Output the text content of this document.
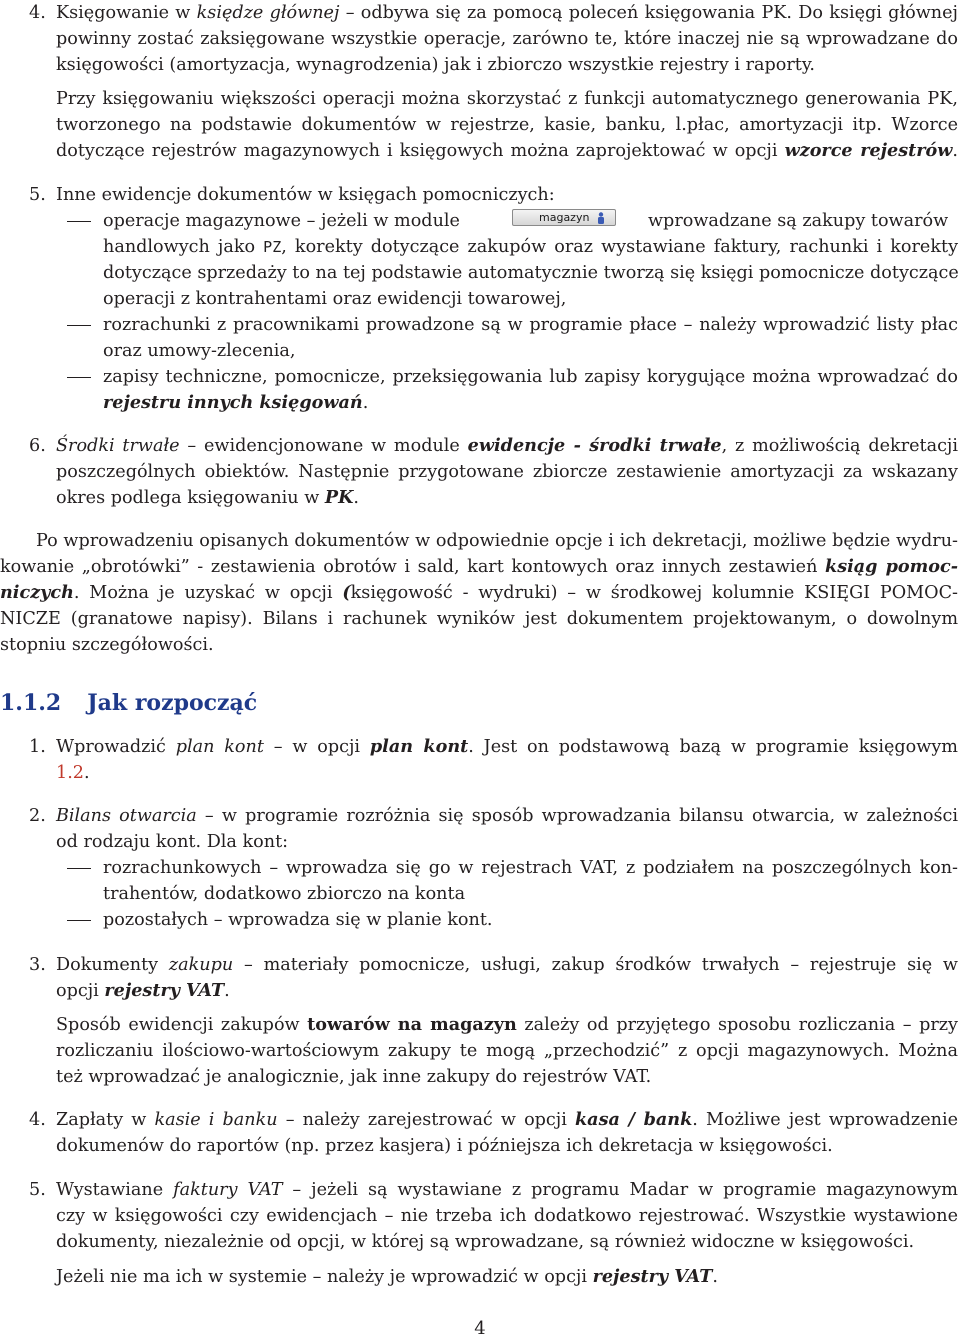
4. Księgowanie w księdze głównej – odbywa się za pomocą poleceń księgowania PK. Do księgi głównej
powinny zostać zaksięgowane wszystkie operacje, zarówno te, które inaczej nie są wprowadzane do
księgowości (amortyzacja, wynagrodzenia) jak i zbiorczo wszystkie rejestry i raporty.
Przy księgowaniu większości operacji można skorzystać z funkcji automatycznego generowania PK,
tworzonego na podstawie dokumentów w rejestrze, kasie, banku, l.płac, amortyzacji itp. Wzorce
dotyczące rejestrów magazynowych i księgowych można zaprojektować w opcji wzorce rejestrów.
5. Inne ewidencje dokumentów w księgach pomocniczych:
operacje magazynowe – jeżeli w module	wprowadzane są zakupy towarów
magazyn
handlowych jako PZ, korekty dotyczące zakupów oraz wystawiane faktury, rachunki i korekty
dotyczące sprzedaży to na tej podstawie automatycznie tworzą się księgi pomocnicze dotyczące
operacji z kontrahentami oraz ewidencji towarowej,
rozrachunki z pracownikami prowadzone są w programie płace – należy wprowadzić listy płac
oraz umowy-zlecenia,
zapisy techniczne, pomocnicze, przeksięgowania lub zapisy korygujące można wprowadzać do
rejestru innych księgowań.
6. Środki trwałe – ewidencjonowane w module ewidencje - środki trwałe, z możliwością dekretacji
poszczególnych obiektów. Następnie przygotowane zbiorcze zestawienie amortyzacji za wskazany
okres podlega księgowaniu w PK.
Po wprowadzeniu opisanych dokumentów w odpowiednie opcje i ich dekretacji, możliwe będzie wydru-
kowanie „obrotówki” - zestawienia obrotów i sald, kart kontowych oraz innych zestawień ksiąg pomoc-
niczych. Można je uzyskać w opcji (księgowość - wydruki) – w środkowej kolumnie KSIĘGI POMOC-
NICZE (granatowe napisy). Bilans i rachunek wyników jest dokumentem projektowanym, o dowolnym
stopniu szczegółowości.
1.1.2 Jak rozpocząć
1. Wprowadzić plan kont – w opcji plan kont. Jest on podstawową bazą w programie księgowym
1.2.
2. Bilans otwarcia – w programie rozróżnia się sposób wprowadzania bilansu otwarcia, w zależności
od rodzaju kont. Dla kont:
rozrachunkowych – wprowadza się go w rejestrach VAT, z podziałem na poszczególnych kon-
trahentów, dodatkowo zbiorczo na konta
pozostałych – wprowadza się w planie kont.
3. Dokumenty zakupu – materiały pomocnicze, usługi, zakup środków trwałych – rejestruje się w
opcji rejestry VAT.
Sposób ewidencji zakupów towarów na magazyn zależy od przyjętego sposobu rozliczania – przy
rozliczaniu ilościowo-wartościowym zakupy te mogą „przechodzić” z opcji magazynowych. Można
też wprowadzać je analogicznie, jak inne zakupy do rejestrów VAT.
4. Zapłaty w kasie i banku – należy zarejestrować w opcji kasa / bank. Możliwe jest wprowadzenie
dokumenów do raportów (np. przez kasjera) i późniejsza ich dekretacja w księgowości.
5. Wystawiane faktury VAT – jeżeli są wystawiane z programu Madar w programie magazynowym
czy w księgowości czy ewidencjach – nie trzeba ich dodatkowo rejestrować. Wszystkie wystawione
dokumenty, niezależnie od opcji, w której są wprowadzane, są również widoczne w księgowości.
Jeżeli nie ma ich w systemie – należy je wprowadzić w opcji rejestry VAT.
4
